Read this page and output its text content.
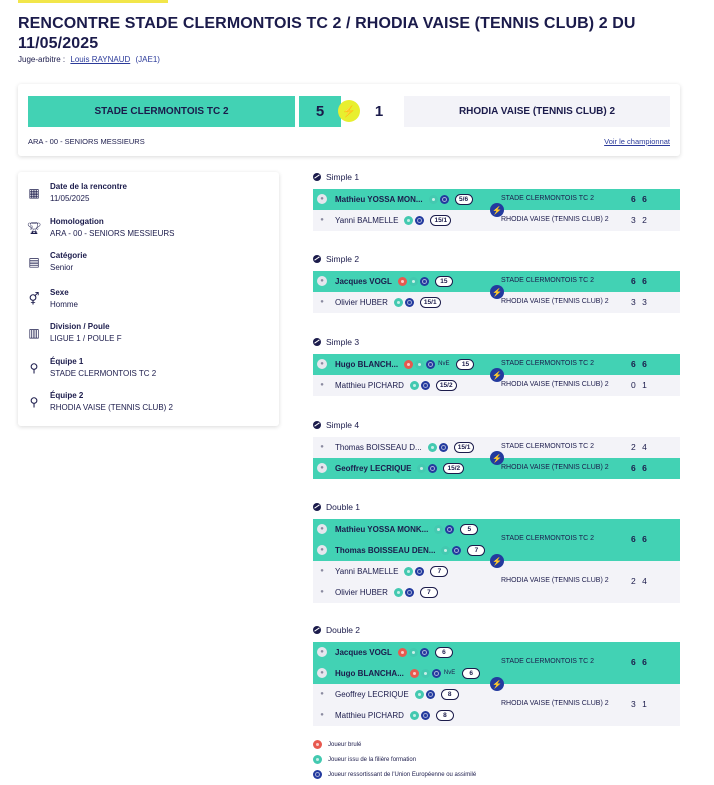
RENCONTRE STADE CLERMONTOIS TC 2 / RHODIA VAISE (TENNIS CLUB) 2 DU 11/05/2025
Juge-arbitre : Louis RAYNAUD (JAE1)
STADE CLERMONTOIS TC 2	5	⚡	1	RHODIA VAISE (TENNIS CLUB) 2
ARA - 00 - SENIORS MESSIEURS	Voir le championnat
▦ Date de la rencontre
11/05/2025
🏆︎ Homologation
ARA - 00 - SENIORS MESSIEURS
▤ Catégorie
Senior
⚥	Sexe
Homme
▥ Division / Poule
LIGUE 1 / POULE F
⚲	Équipe 1
STADE CLERMONTOIS TC 2
⚲	Équipe 2
RHODIA VAISE (TENNIS CLUB) 2
Simple 1
●	Mathieu YOSSA MON...	5/6	STADE CLERMONTOIS TC 2	6 6
●	Yanni BALMELLE	15/1	RHODIA VAISE (TENNIS CLUB) 2	3 2
⚡
Simple 2
●	Jacques VOGL	15	STADE CLERMONTOIS TC 2	6 6
●	Olivier HUBER	15/1	RHODIA VAISE (TENNIS CLUB) 2	3 3
⚡
Simple 3
●	Hugo BLANCH...	NvE	15	STADE CLERMONTOIS TC 2	6 6
●	Matthieu PICHARD	15/2	RHODIA VAISE (TENNIS CLUB) 2	0 1
⚡
Simple 4
●	Thomas BOISSEAU D...	15/1	STADE CLERMONTOIS TC 2	2 4
●	Geoffrey LECRIQUE	15/2	RHODIA VAISE (TENNIS CLUB) 2	6 6
⚡
Double 1
●	Mathieu YOSSA MONK...	5
●	Thomas BOISSEAU DEN...	7
STADE CLERMONTOIS TC 2	6 6
●	Yanni BALMELLE	7
●	Olivier HUBER	7
RHODIA VAISE (TENNIS CLUB) 2	2 4
⚡
Double 2
●	Jacques VOGL	6
●	Hugo BLANCHA...	NvE	6
STADE CLERMONTOIS TC 2	6 6
●	Geoffrey LECRIQUE	8
●	Matthieu PICHARD	8
RHODIA VAISE (TENNIS CLUB) 2	3 1
⚡
Joueur brulé
Joueur issu de la filière formation
Joueur ressortissant de l'Union Européenne ou assimilé
